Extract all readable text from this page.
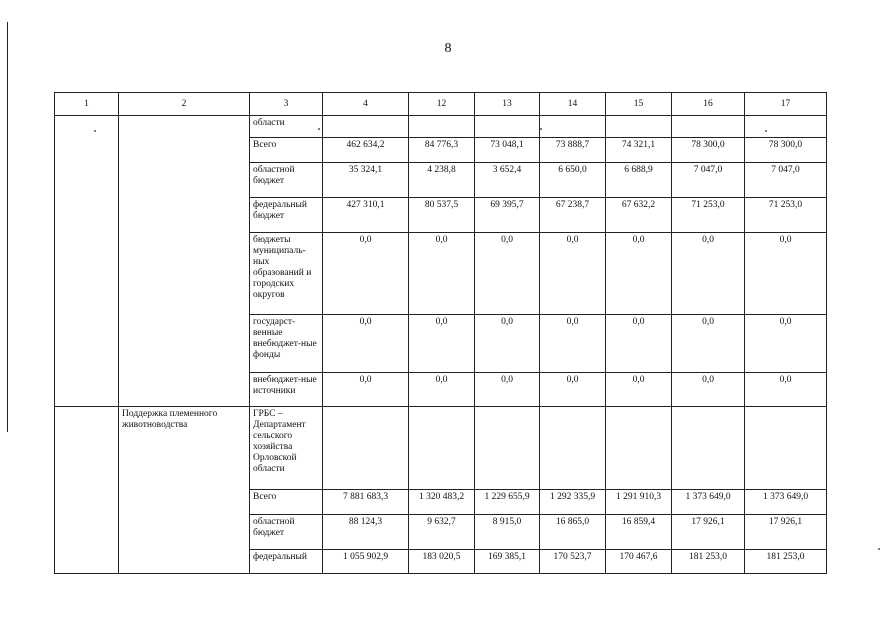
8
1	2	3	4	12	13	14	15	16	17
		области							
		Всего	462 634,2	84 776,3	73 048,1	73 888,7	74 321,1	78 300,0	78 300,0
		областной бюджет	35 324,1	4 238,8	3 652,4	6 650,0	6 688,9	7 047,0	7 047,0
		федеральный бюджет	427 310,1	80 537,5	69 395,7	67 238,7	67 632,2	71 253,0	71 253,0
		бюджеты муниципаль-ных образований и городских округов	0,0	0,0	0,0	0,0	0,0	0,0	0,0
		государст-венные внебюджет-ные фонды	0,0	0,0	0,0	0,0	0,0	0,0	0,0
		внебюджет-ные источники	0,0	0,0	0,0	0,0	0,0	0,0	0,0
	Поддержка племенного животноводства	ГРБС – Департамент сельского хозяйства Орловской области							
		Всего	7 881 683,3	1 320 483,2	1 229 655,9	1 292 335,9	1 291 910,3	1 373 649,0	1 373 649,0
		областной бюджет	88 124,3	9 632,7	8 915,0	16 865,0	16 859,4	17 926,1	17 926,1
		федеральный	1 055 902,9	183 020,5	169 385,1	170 523,7	170 467,6	181 253,0	181 253,0
